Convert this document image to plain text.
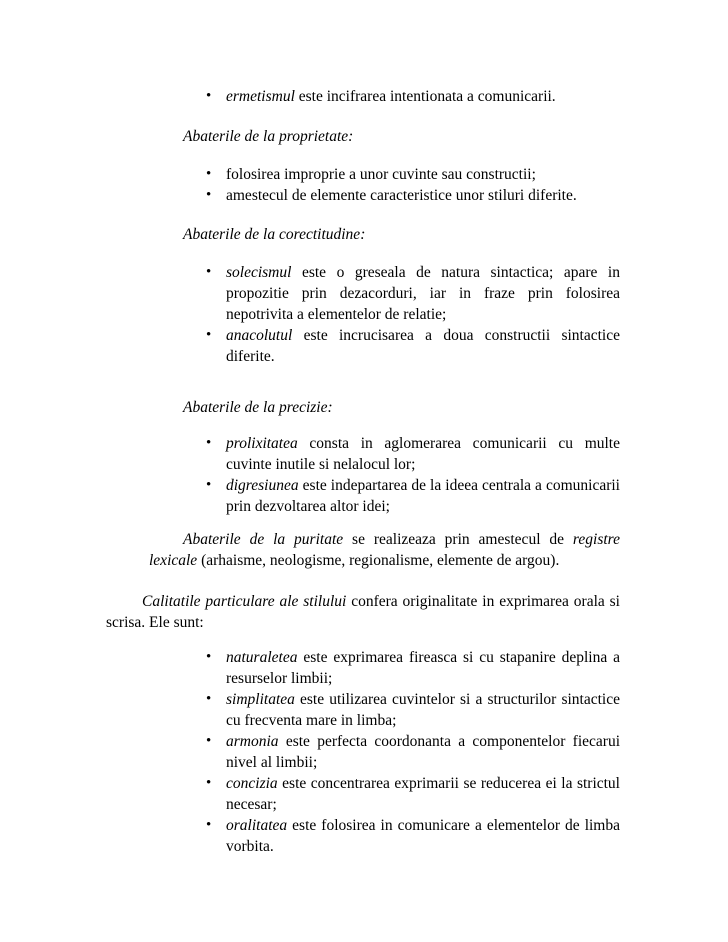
• ermetismul este incifrarea intentionata a comunicarii.
Abaterile de la proprietate:
• folosirea improprie a unor cuvinte sau constructii;
• amestecul de elemente caracteristice unor stiluri diferite.
Abaterile de la corectitudine:
• solecismul este o greseala de natura sintactica; apare in propozitie prin dezacorduri, iar in fraze prin folosirea nepotrivita a elementelor de relatie;
• anacolutul este incrucisarea a doua constructii sintactice diferite.
Abaterile de la precizie:
• prolixitatea consta in aglomerarea comunicarii cu multe cuvinte inutile si nelalocul lor;
• digresiunea este indepartarea de la ideea centrala a comunicarii prin dezvoltarea altor idei;
Abaterile de la puritate se realizeaza prin amestecul de registre lexicale (arhaisme, neologisme, regionalisme, elemente de argou).
Calitatile particulare ale stilului confera originalitate in exprimarea orala si scrisa. Ele sunt:
• naturaletea este exprimarea fireasca si cu stapanire deplina a resurselor limbii;
• simplitatea este utilizarea cuvintelor si a structurilor sintactice cu frecventa mare in limba;
• armonia este perfecta coordonanta a componentelor fiecarui nivel al limbii;
• concizia este concentrarea exprimarii se reducerea ei la strictul necesar;
• oralitatea este folosirea in comunicare a elementelor de limba vorbita.
